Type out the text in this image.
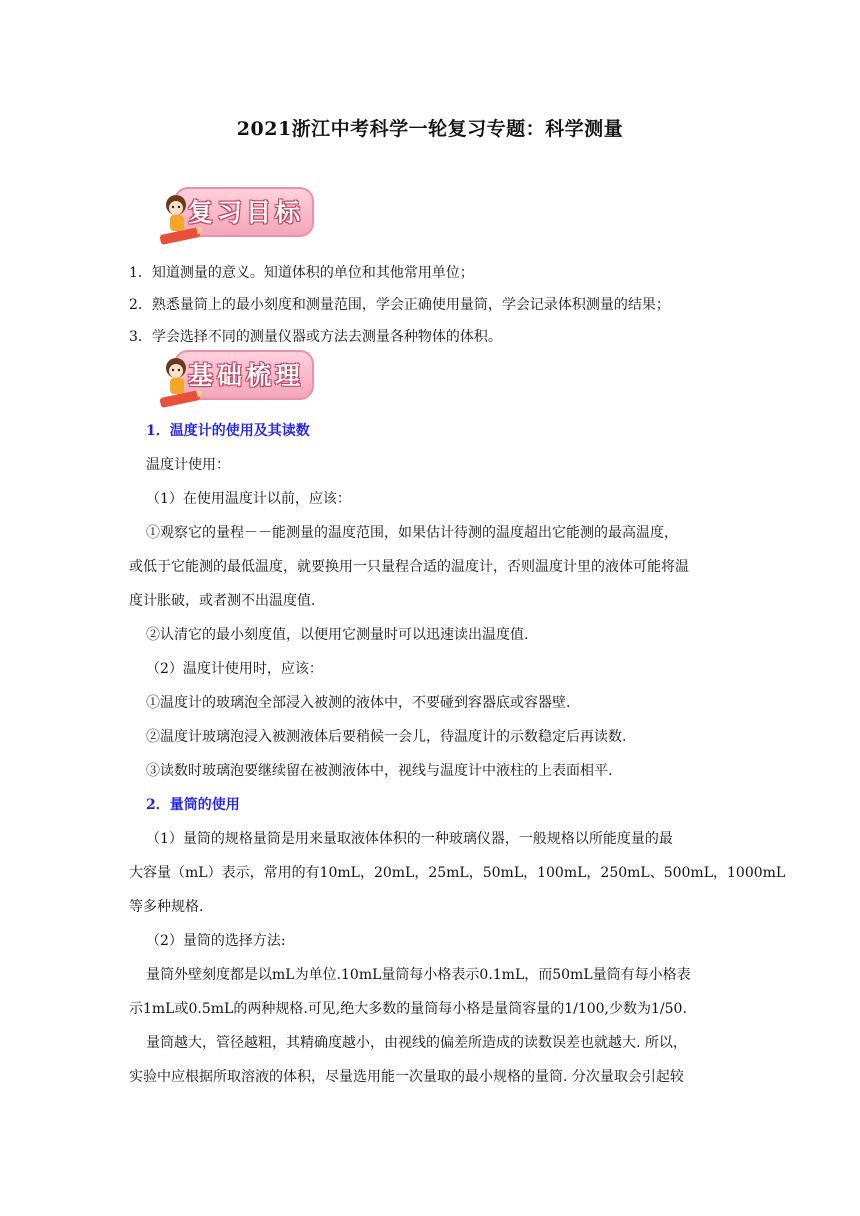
2021浙江中考科学一轮复习专题：科学测量
复习目标
1．知道测量的意义。知道体积的单位和其他常用单位；
2．熟悉量筒上的最小刻度和测量范围，学会正确使用量筒，学会记录体积测量的结果；
3．学会选择不同的测量仪器或方法去测量各种物体的体积。
基础梳理
1．温度计的使用及其读数
温度计使用：
（1）在使用温度计以前，应该：
①观察它的量程－－能测量的温度范围，如果估计待测的温度超出它能测的最高温度，
或低于它能测的最低温度，就要换用一只量程合适的温度计，否则温度计里的液体可能将温
度计胀破，或者测不出温度值.
②认清它的最小刻度值，以便用它测量时可以迅速读出温度值.
（2）温度计使用时，应该：
①温度计的玻璃泡全部浸入被测的液体中，不要碰到容器底或容器壁.
②温度计玻璃泡浸入被测液体后要稍候一会儿，待温度计的示数稳定后再读数.
③读数时玻璃泡要继续留在被测液体中，视线与温度计中液柱的上表面相平.
2．量筒的使用
（1）量筒的规格量筒是用来量取液体体积的一种玻璃仪器，一般规格以所能度量的最
大容量（mL）表示，常用的有10mL，20mL，25mL，50mL，100mL，250mL、500mL，1000mL
等多种规格.
（2）量筒的选择方法:
量筒外壁刻度都是以mL为单位.10mL量筒每小格表示0.1mL，而50mL量筒有每小格表
示1mL或0.5mL的两种规格.可见,绝大多数的量筒每小格是量筒容量的1/100,少数为1/50.
量筒越大，管径越粗，其精确度越小，由视线的偏差所造成的读数误差也就越大. 所以，
实验中应根据所取溶液的体积，尽量选用能一次量取的最小规格的量筒. 分次量取会引起较
